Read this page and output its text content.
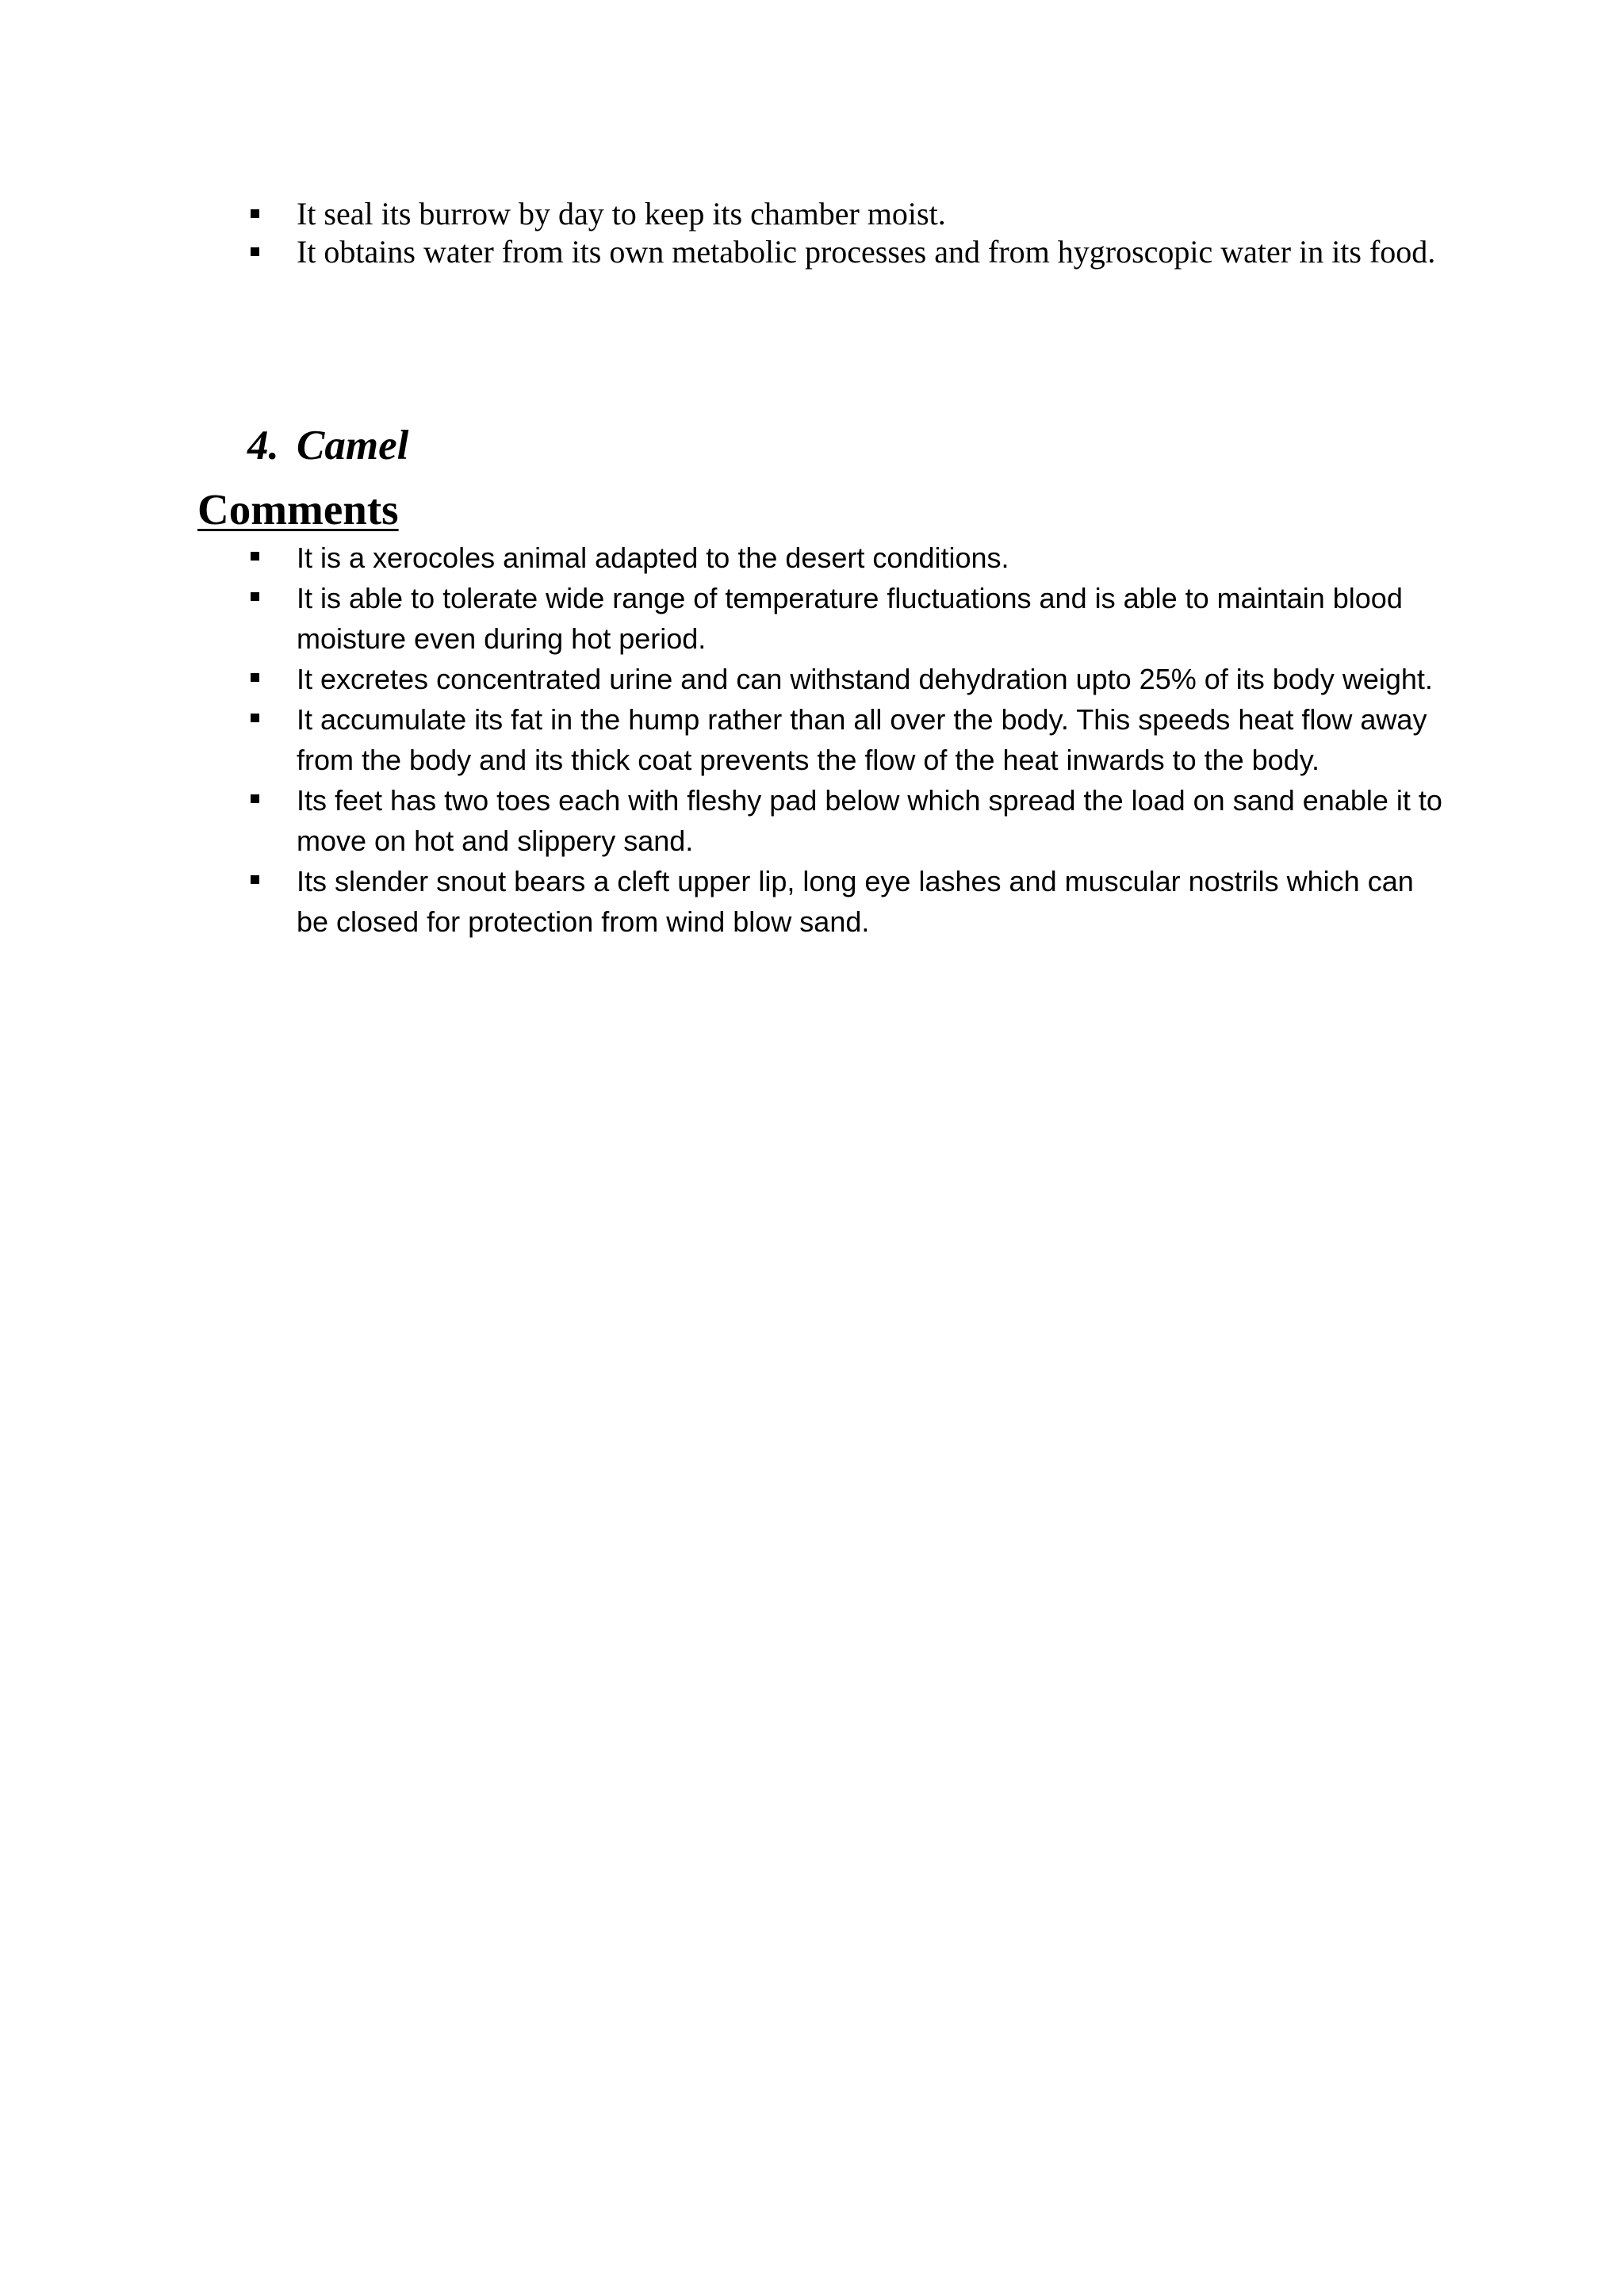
It seal its burrow by day to keep its chamber moist.
It obtains water from its own metabolic processes and from hygroscopic water in its food.
4. Camel
Comments
It is a xerocoles animal adapted to the desert conditions.
It is able to tolerate wide range of temperature fluctuations and is able to maintain blood moisture even during hot period.
It excretes concentrated urine and can withstand dehydration upto 25% of its body weight.
It accumulate its fat in the hump rather than all over the body. This speeds heat flow away from the body and its thick coat prevents the flow of the heat inwards to the body.
Its feet has two toes each with fleshy pad below which spread the load on sand enable it to move on hot and slippery sand.
Its slender snout bears a cleft upper lip, long eye lashes and muscular nostrils which can be closed for protection from wind blow sand.
